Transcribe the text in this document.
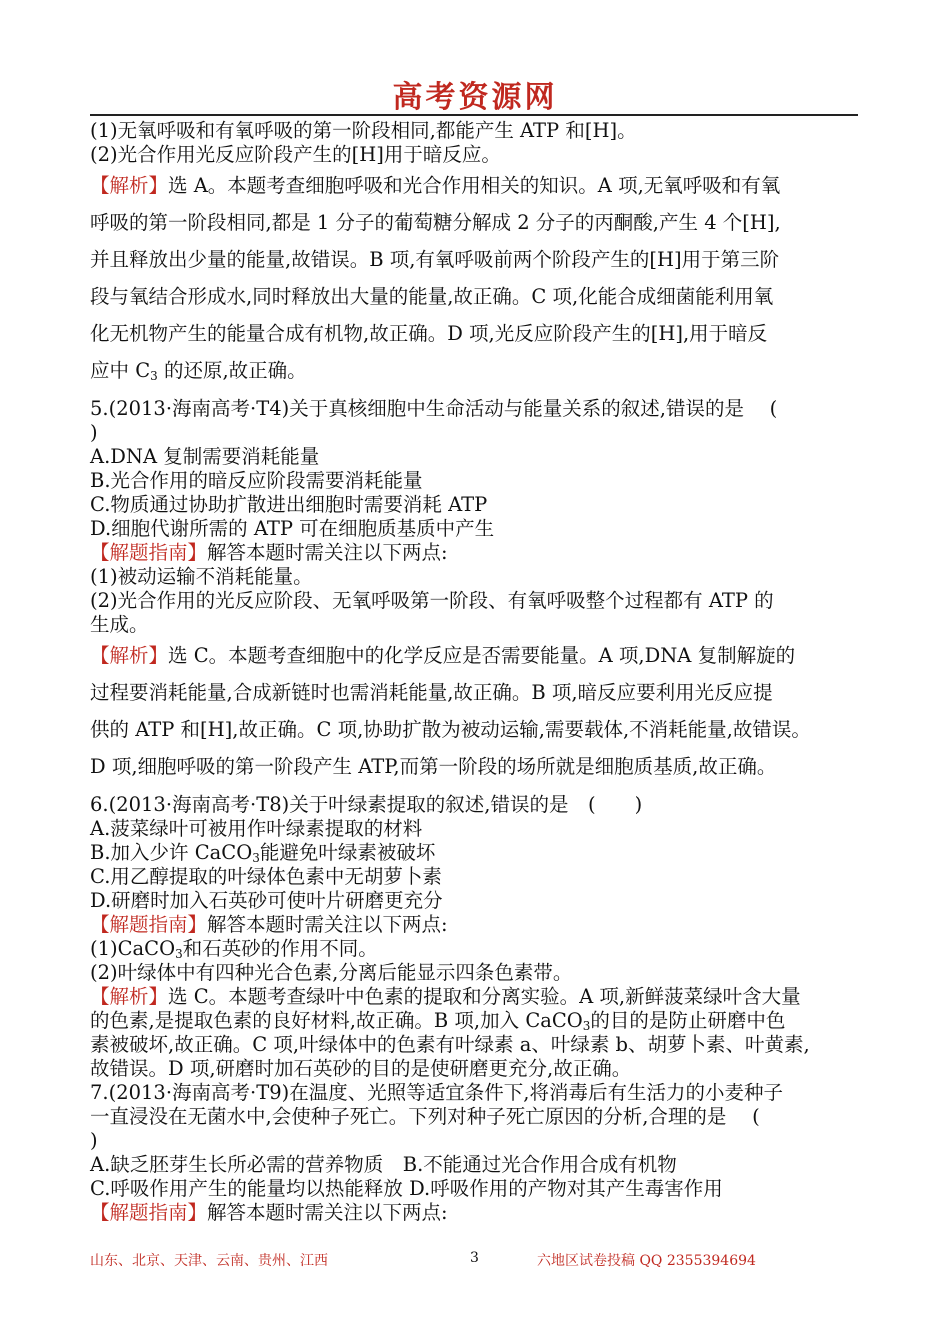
高考资源网
(1)无氧呼吸和有氧呼吸的第一阶段相同,都能产生 ATP 和[H]。
(2)光合作用光反应阶段产生的[H]用于暗反应。
【解析】选 A。本题考查细胞呼吸和光合作用相关的知识。A 项,无氧呼吸和有氧
呼吸的第一阶段相同,都是 1 分子的葡萄糖分解成 2 分子的丙酮酸,产生 4 个[H],
并且释放出少量的能量,故错误。B 项,有氧呼吸前两个阶段产生的[H]用于第三阶
段与氧结合形成水,同时释放出大量的能量,故正确。C 项,化能合成细菌能利用氧
化无机物产生的能量合成有机物,故正确。D 项,光反应阶段产生的[H],用于暗反
应中 $C_3$ 的还原,故正确。
5.(2013·海南高考·T4)关于真核细胞中生命活动与能量关系的叙述,错误的是　 (
)
A.DNA 复制需要消耗能量
B.光合作用的暗反应阶段需要消耗能量
C.物质通过协助扩散进出细胞时需要消耗 ATP
D.细胞代谢所需的 ATP 可在细胞质基质中产生
【解题指南】解答本题时需关注以下两点:
(1)被动运输不消耗能量。
(2)光合作用的光反应阶段、无氧呼吸第一阶段、有氧呼吸整个过程都有 ATP 的
生成。
【解析】选 C。本题考查细胞中的化学反应是否需要能量。A 项,DNA 复制解旋的
过程要消耗能量,合成新链时也需消耗能量,故正确。B 项,暗反应要利用光反应提
供的 ATP 和[H],故正确。C 项,协助扩散为被动运输,需要载体,不消耗能量,故错误。
D 项,细胞呼吸的第一阶段产生 ATP,而第一阶段的场所就是细胞质基质,故正确。
6.(2013·海南高考·T8)关于叶绿素提取的叙述,错误的是　(　　)
A.菠菜绿叶可被用作叶绿素提取的材料
B.加入少许 CaCO$_3$能避免叶绿素被破坏
C.用乙醇提取的叶绿体色素中无胡萝卜素
D.研磨时加入石英砂可使叶片研磨更充分
【解题指南】解答本题时需关注以下两点:
(1)CaCO$_3$和石英砂的作用不同。
(2)叶绿体中有四种光合色素,分离后能显示四条色素带。
【解析】选 C。本题考查绿叶中色素的提取和分离实验。A 项,新鲜菠菜绿叶含大量
的色素,是提取色素的良好材料,故正确。B 项,加入 CaCO$_3$的目的是防止研磨中色
素被破坏,故正确。C 项,叶绿体中的色素有叶绿素 a、叶绿素 b、胡萝卜素、叶黄素,
故错误。D 项,研磨时加石英砂的目的是使研磨更充分,故正确。
7.(2013·海南高考·T9)在温度、光照等适宜条件下,将消毒后有生活力的小麦种子
一直浸没在无菌水中,会使种子死亡。下列对种子死亡原因的分析,合理的是　 (
)
A.缺乏胚芽生长所必需的营养物质　B.不能通过光合作用合成有机物
C.呼吸作用产生的能量均以热能释放 D.呼吸作用的产物对其产生毒害作用
【解题指南】解答本题时需关注以下两点:
山东、北京、天津、云南、贵州、江西	3	六地区试卷投稿 QQ 2355394694
